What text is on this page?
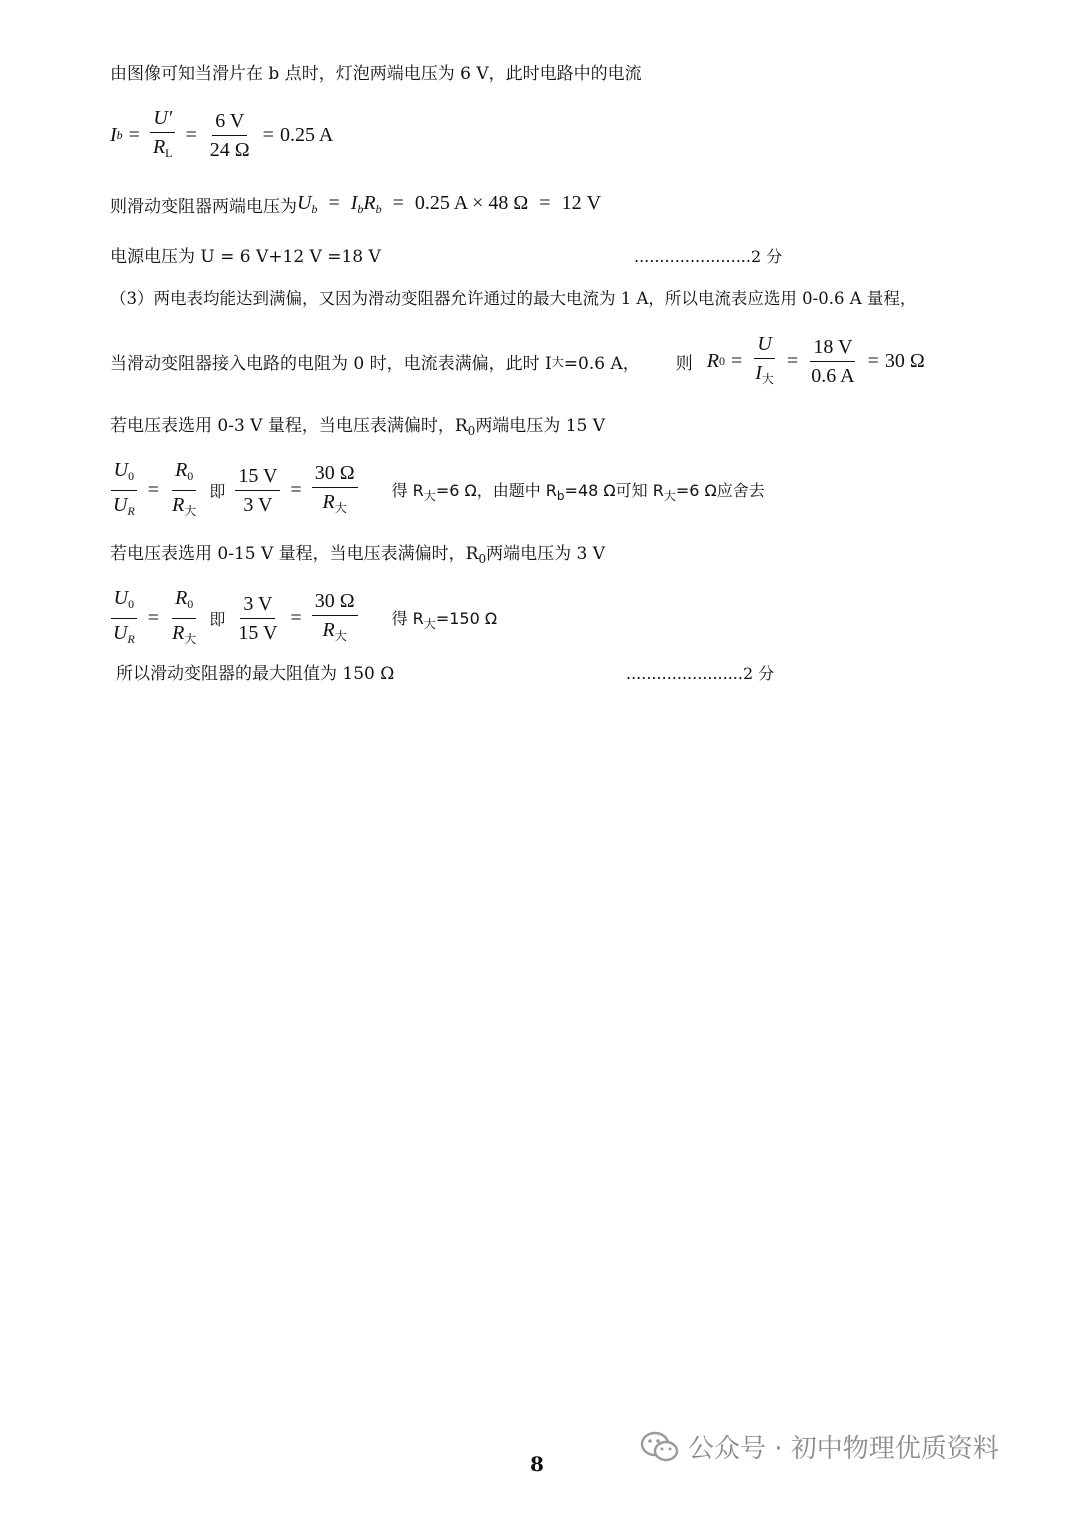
由图像可知当滑片在 b 点时，灯泡两端电压为 6 V，此时电路中的电流
I $b = \frac{U'}{R_L} = \frac{6 V}{24 \Omega} = 0.25$ A
则滑动变阻器两端电压为 $U_b = I_bR_b = 0.25$ A × 48 Ω = 12 V
电源电压为 U = 6 V+12 V =18 V	.......................2 分
（3）两电表均能达到满偏，又因为滑动变阻器允许通过的最大电流为 1 A，所以电流表应选用 0-0.6 A 量程，
当滑动变阻器接入电路的电阻为 0 时，电流表满偏，此时 I 大 =0.6 A， 则 R $0 = \frac{U}{I_大} = \frac{18 V}{0.6 A} = 30$ Ω
若电压表选用 0-3 V 量程，当电压表满偏时，$R_0$两端电压为 15 V
$\frac{U_0}{U_R} = \frac{R_0}{R_大}$ 即 $\frac{15 V}{3 V} = \frac{30 \Omega}{R_大}$ 得 $R_大=6$ Ω，由题中 $R_b=48$ Ω可知 $R_大=6$ Ω应舍去
若电压表选用 0-15 V 量程，当电压表满偏时，$R_0$两端电压为 3 V
$\frac{U_0}{U_R} = \frac{R_0}{R_大}$ 即 $\frac{3 V}{15 V} = \frac{30 \Omega}{R_大}$ 得 $R_大=150$ Ω
所以滑动变阻器的最大阻值为 150 Ω	.......................2 分
8	公众号 · 初中物理优质资料
